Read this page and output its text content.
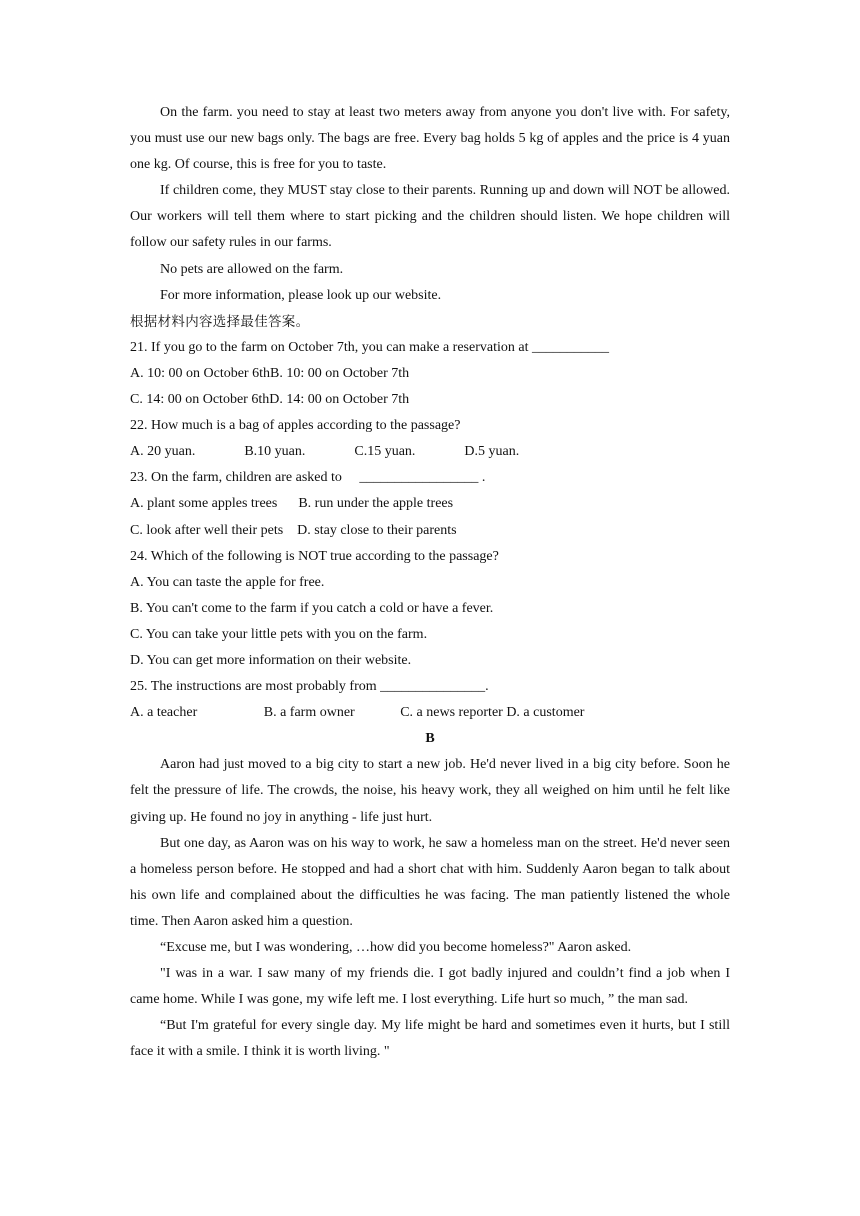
On the farm. you need to stay at least two meters away from anyone you don't live with. For safety, you must use our new bags only. The bags are free. Every bag holds 5 kg of apples and the price is 4 yuan one kg. Of course, this is free for you to taste.

If children come, they MUST stay close to their parents. Running up and down will NOT be allowed. Our workers will tell them where to start picking and the children should listen. We hope children will follow our safety rules in our farms.

No pets are allowed on the farm.

For more information, please look up our website.

根据材料内容选择最佳答案。

21. If you go to the farm on October 7th, you can make a reservation at ___________

A. 10: 00 on October 6thB. 10: 00 on October 7th

C. 14: 00 on October 6thD. 14: 00 on October 7th

22. How much is a bag of apples according to the passage?

A. 20 yuan.              B.10 yuan.              C.15 yuan.              D.5 yuan.

23. On the farm, children are asked to     _________________ .

A. plant some apples trees      B. run under the apple trees

C. look after well their pets    D. stay close to their parents

24. Which of the following is NOT true according to the passage?

A. You can taste the apple for free.

B. You can't come to the farm if you catch a cold or have a fever.

C. You can take your little pets with you on the farm.

D. You can get more information on their website.

25. The instructions are most probably from _______________.

A. a teacher                   B. a farm owner             C. a news reporter D. a customer

B

Aaron had just moved to a big city to start a new job. He'd never lived in a big city before. Soon he felt the pressure of life. The crowds, the noise, his heavy work, they all weighed on him until he felt like giving up. He found no joy in anything - life just hurt.

But one day, as Aaron was on his way to work, he saw a homeless man on the street. He'd never seen a homeless person before. He stopped and had a short chat with him. Suddenly Aaron began to talk about his own life and complained about the difficulties he was facing. The man patiently listened the whole time. Then Aaron asked him a question.

“Excuse me, but I was wondering, …how did you become homeless?" Aaron asked.

"I was in a war. I saw many of my friends die. I got badly injured and couldn’t find a job when I came home. While I was gone, my wife left me. I lost everything. Life hurt so much, ” the man sad.

“But I'm grateful for every single day. My life might be hard and sometimes even it hurts, but I still face it with a smile. I think it is worth living. "
